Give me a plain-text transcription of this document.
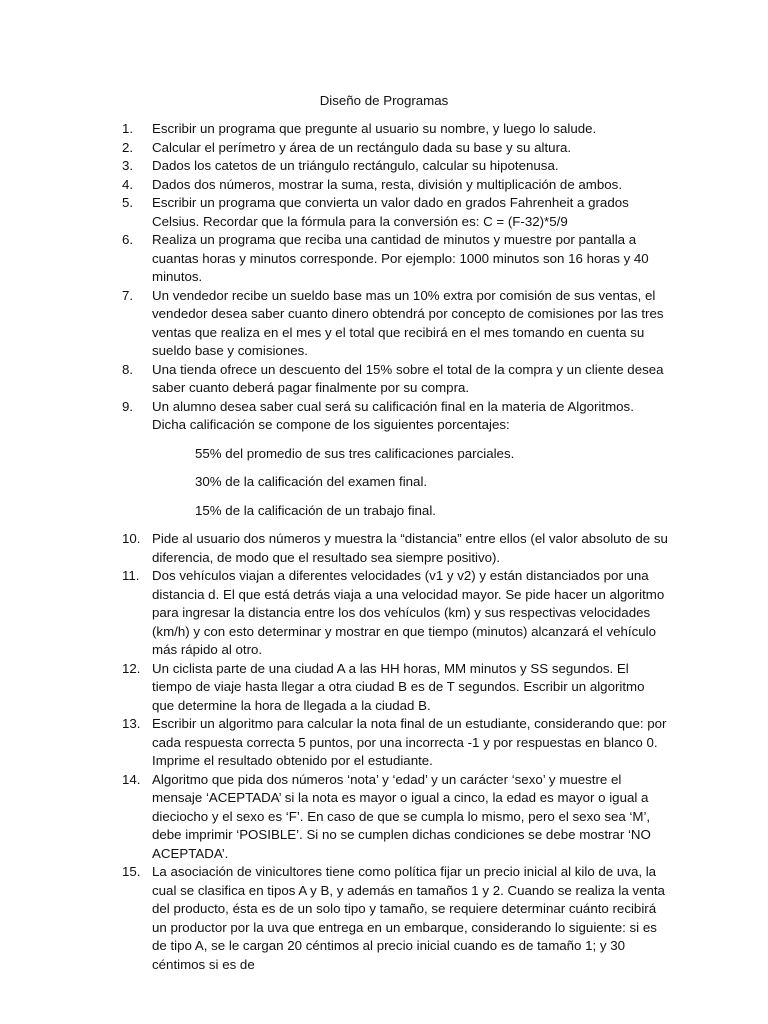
Diseño de Programas
1.	Escribir un programa que pregunte al usuario su nombre, y luego lo salude.
2.	Calcular el perímetro y área de un rectángulo dada su base y su altura.
3.	Dados los catetos de un triángulo rectángulo, calcular su hipotenusa.
4.	Dados dos números, mostrar la suma, resta, división y multiplicación de ambos.
5.	Escribir un programa que convierta un valor dado en grados Fahrenheit a grados Celsius. Recordar que la fórmula para la conversión es: C = (F-32)*5/9
6.	Realiza un programa que reciba una cantidad de minutos y muestre por pantalla a cuantas horas y minutos corresponde. Por ejemplo: 1000 minutos son 16 horas y 40 minutos.
7.	Un vendedor recibe un sueldo base mas un 10% extra por comisión de sus ventas, el vendedor desea saber cuanto dinero obtendrá por concepto de comisiones por las tres ventas que realiza en el mes y el total que recibirá en el mes tomando en cuenta su sueldo base y comisiones.
8.	Una tienda ofrece un descuento del 15% sobre el total de la compra y un cliente desea saber cuanto deberá pagar finalmente por su compra.
9.	Un alumno desea saber cual será su calificación final en la materia de Algoritmos. Dicha calificación se compone de los siguientes porcentajes:
55% del promedio de sus tres calificaciones parciales.
30% de la calificación del examen final.
15% de la calificación de un trabajo final.
10. Pide al usuario dos números y muestra la “distancia” entre ellos (el valor absoluto de su diferencia, de modo que el resultado sea siempre positivo).
11. Dos vehículos viajan a diferentes velocidades (v1 y v2) y están distanciados por una distancia d. El que está detrás viaja a una velocidad mayor. Se pide hacer un algoritmo para ingresar la distancia entre los dos vehículos (km) y sus respectivas velocidades (km/h) y con esto determinar y mostrar en que tiempo (minutos) alcanzará el vehículo más rápido al otro.
12. Un ciclista parte de una ciudad A a las HH horas, MM minutos y SS segundos. El tiempo de viaje hasta llegar a otra ciudad B es de T segundos. Escribir un algoritmo que determine la hora de llegada a la ciudad B.
13. Escribir un algoritmo para calcular la nota final de un estudiante, considerando que: por cada respuesta correcta 5 puntos, por una incorrecta -1 y por respuestas en blanco 0. Imprime el resultado obtenido por el estudiante.
14. Algoritmo que pida dos números ‘nota’ y ‘edad’ y un carácter ‘sexo’ y muestre el mensaje ‘ACEPTADA’ si la nota es mayor o igual a cinco, la edad es mayor o igual a dieciocho y el sexo es ‘F’. En caso de que se cumpla lo mismo, pero el sexo sea ‘M’, debe imprimir ‘POSIBLE’. Si no se cumplen dichas condiciones se debe mostrar ‘NO ACEPTADA’.
15. La asociación de vinicultores tiene como política fijar un precio inicial al kilo de uva, la cual se clasifica en tipos A y B, y además en tamaños 1 y 2. Cuando se realiza la venta del producto, ésta es de un solo tipo y tamaño, se requiere determinar cuánto recibirá un productor por la uva que entrega en un embarque, considerando lo siguiente: si es de tipo A, se le cargan 20 céntimos al precio inicial cuando es de tamaño 1; y 30 céntimos si es de
